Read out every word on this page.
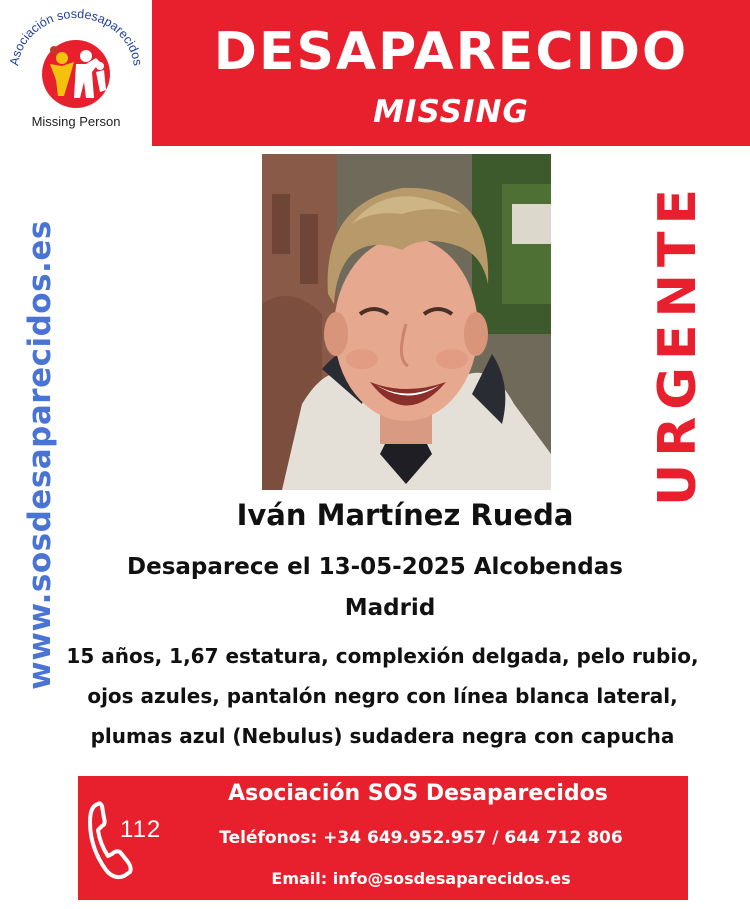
Asociación sosdesaparecidos
Missing Person
DESAPARECIDO
MISSING
www.sosdesaparecidos.es	URGENTE
Iván Martínez Rueda
Desaparece el 13-05-2025 Alcobendas
Madrid
15 años, 1,67 estatura, complexión delgada, pelo rubio,
ojos azules, pantalón negro con línea blanca lateral,
plumas azul (Nebulus) sudadera negra con capucha
112
Asociación SOS Desaparecidos
Teléfonos: +34 649.952.957 / 644 712 806
Email: info@sosdesaparecidos.es
